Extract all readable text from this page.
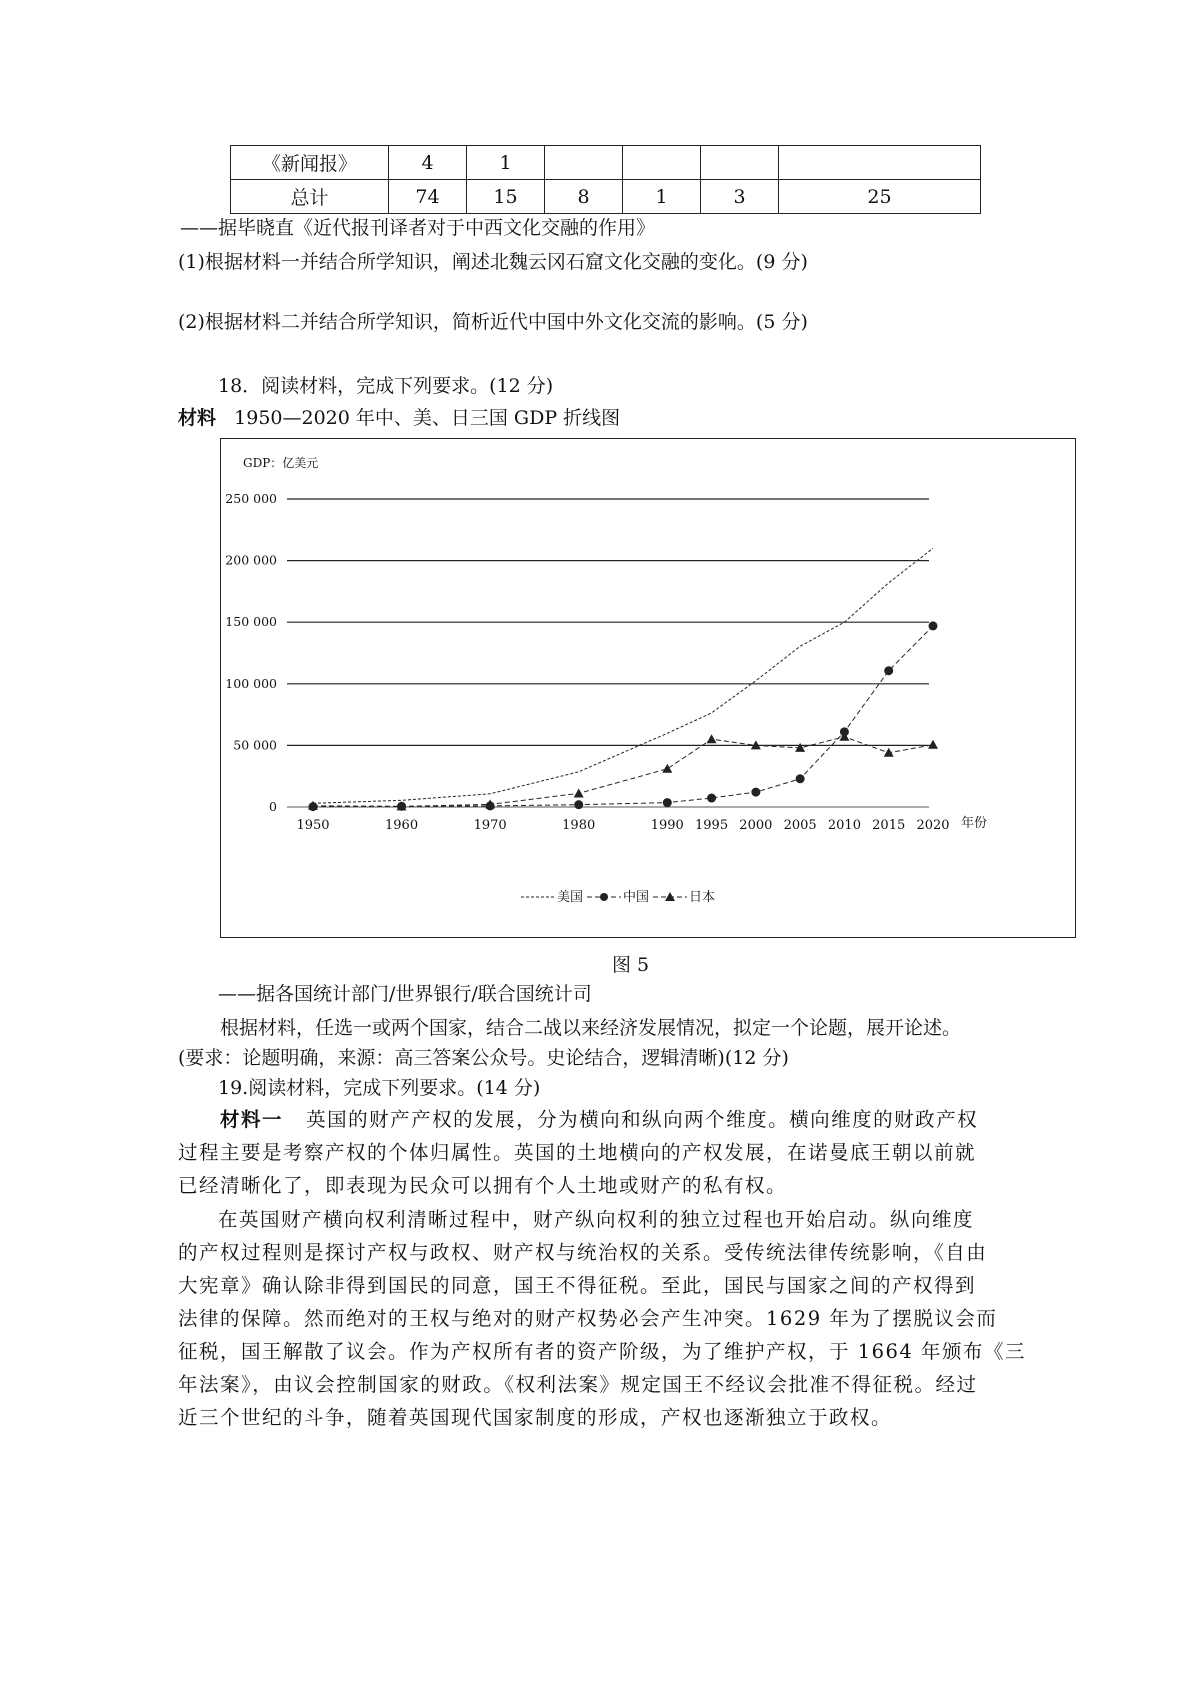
《新闻报》	4	1				
总计	74	15	8	1	3	25
——据毕晓直《近代报刊译者对于中西文化交融的作用》
(1)根据材料一并结合所学知识，阐述北魏云冈石窟文化交融的变化。(9 分)
(2)根据材料二并结合所学知识，简析近代中国中外文化交流的影响。(5 分)
18．阅读材料，完成下列要求。(12 分)
材料 1950—2020 年中、美、日三国 GDP 折线图
GDP：亿美元
0
50 000
100 000
150 000
200 000
250 000
1950	1960	1970	1980	1990 1995 2000 2005 2010 2015 2020 年份
美国	中国	日本
图 5
——据各国统计部门/世界银行/联合国统计司
根据材料，任选一或两个国家，结合二战以来经济发展情况，拟定一个论题，展开论述。
(要求：论题明确，来源：高三答案公众号。史论结合，逻辑清晰)(12 分)
19.阅读材料，完成下列要求。(14 分)
材料一 英国的财产产权的发展，分为横向和纵向两个维度。横向维度的财政产权
过程主要是考察产权的个体归属性。英国的土地横向的产权发展，在诺曼底王朝以前就
已经清晰化了，即表现为民众可以拥有个人土地或财产的私有权。
在英国财产横向权利清晰过程中，财产纵向权利的独立过程也开始启动。纵向维度
的产权过程则是探讨产权与政权、财产权与统治权的关系。受传统法律传统影响，《自由
大宪章》确认除非得到国民的同意，国王不得征税。至此，国民与国家之间的产权得到
法律的保障。然而绝对的王权与绝对的财产权势必会产生冲突。1629 年为了摆脱议会而
征税，国王解散了议会。作为产权所有者的资产阶级，为了维护产权，于 1664 年颁布《三
年法案》，由议会控制国家的财政。《权利法案》规定国王不经议会批准不得征税。经过
近三个世纪的斗争，随着英国现代国家制度的形成，产权也逐渐独立于政权。
